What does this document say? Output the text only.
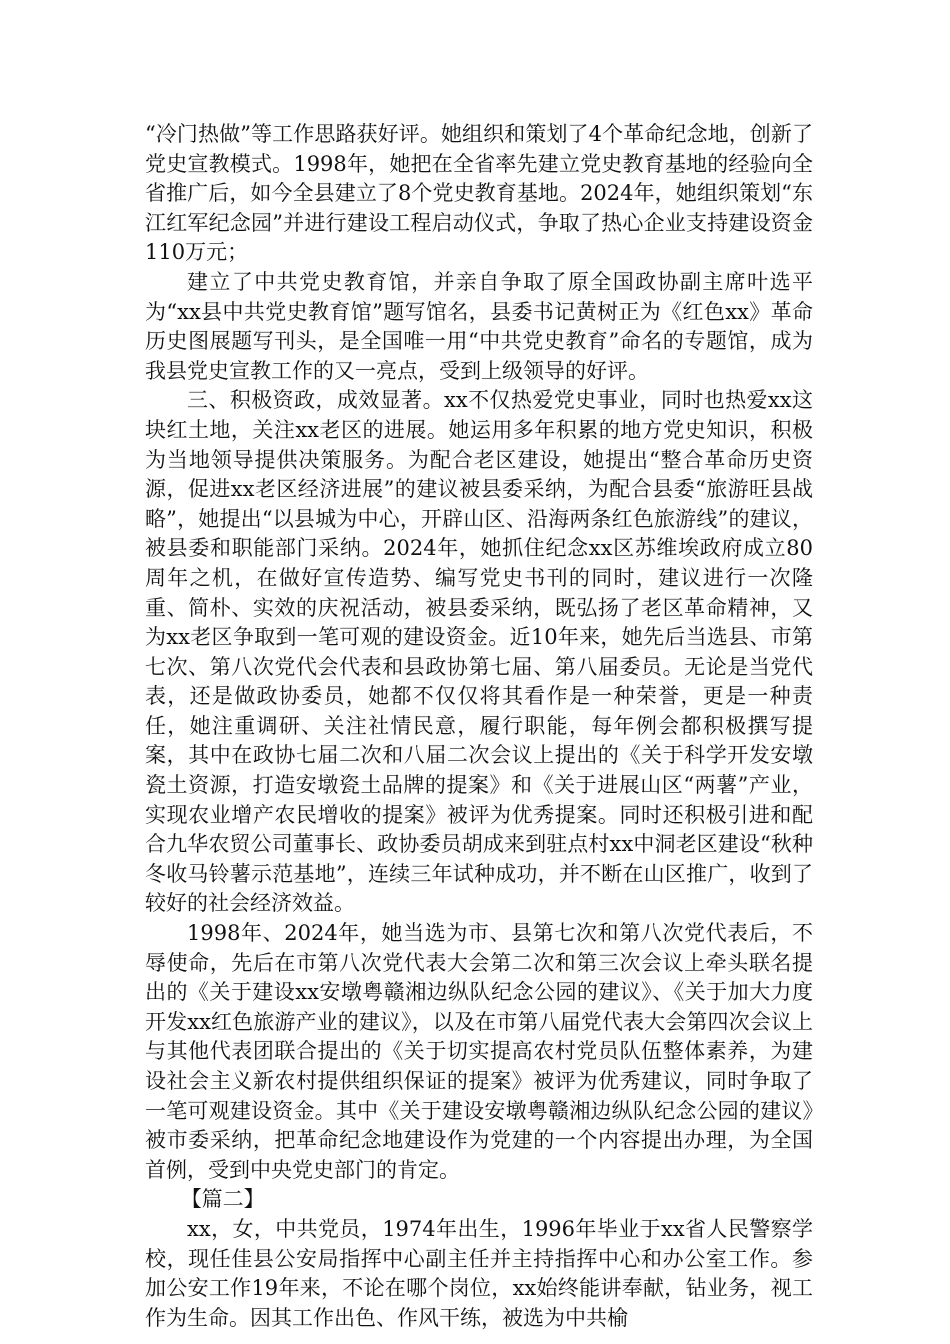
“冷门热做”等工作思路获好评。她组织和策划了4个革命纪念地，创新了党史宣教模式。1998年，她把在全省率先建立党史教育基地的经验向全省推广后，如今全县建立了8个党史教育基地。2024年，她组织策划“东江红军纪念园”并进行建设工程启动仪式，争取了热心企业支持建设资金110万元；

建立了中共党史教育馆，并亲自争取了原全国政协副主席叶选平为“xx县中共党史教育馆”题写馆名，县委书记黄树正为《红色xx》革命历史图展题写刊头，是全国唯一用“中共党史教育”命名的专题馆，成为我县党史宣教工作的又一亮点，受到上级领导的好评。

三、积极资政，成效显著。xx不仅热爱党史事业，同时也热爱xx这块红土地，关注xx老区的进展。她运用多年积累的地方党史知识，积极为当地领导提供决策服务。为配合老区建设，她提出“整合革命历史资源，促进xx老区经济进展”的建议被县委采纳，为配合县委“旅游旺县战略”，她提出“以县城为中心，开辟山区、沿海两条红色旅游线”的建议，被县委和职能部门采纳。2024年，她抓住纪念xx区苏维埃政府成立80周年之机，在做好宣传造势、编写党史书刊的同时，建议进行一次隆重、简朴、实效的庆祝活动，被县委采纳，既弘扬了老区革命精神，又为xx老区争取到一笔可观的建设资金。近10年来，她先后当选县、市第七次、第八次党代会代表和县政协第七届、第八届委员。无论是当党代表，还是做政协委员，她都不仅仅将其看作是一种荣誉，更是一种责任，她注重调研、关注社情民意，履行职能，每年例会都积极撰写提案，其中在政协七届二次和八届二次会议上提出的《关于科学开发安墩瓷土资源，打造安墩瓷土品牌的提案》和《关于进展山区“两薯”产业，实现农业增产农民增收的提案》被评为优秀提案。同时还积极引进和配合九华农贸公司董事长、政协委员胡成来到驻点村xx中洞老区建设“秋种冬收马铃薯示范基地”，连续三年试种成功，并不断在山区推广，收到了较好的社会经济效益。

1998年、2024年，她当选为市、县第七次和第八次党代表后，不辱使命，先后在市第八次党代表大会第二次和第三次会议上牵头联名提出的《关于建设xx安墩粤赣湘边纵队纪念公园的建议》、《关于加大力度开发xx红色旅游产业的建议》，以及在市第八届党代表大会第四次会议上与其他代表团联合提出的《关于切实提高农村党员队伍整体素养，为建设社会主义新农村提供组织保证的提案》被评为优秀建议，同时争取了一笔可观建设资金。其中《关于建设安墩粤赣湘边纵队纪念公园的建议》被市委采纳，把革命纪念地建设作为党建的一个内容提出办理，为全国首例，受到中央党史部门的肯定。

【篇二】

xx，女，中共党员，1974年出生，1996年毕业于xx省人民警察学校，现任佳县公安局指挥中心副主任并主持指挥中心和办公室工作。参加公安工作19年来，不论在哪个岗位，xx始终能讲奉献，钻业务，视工作为生命。因其工作出色、作风干练，被选为中共榆
